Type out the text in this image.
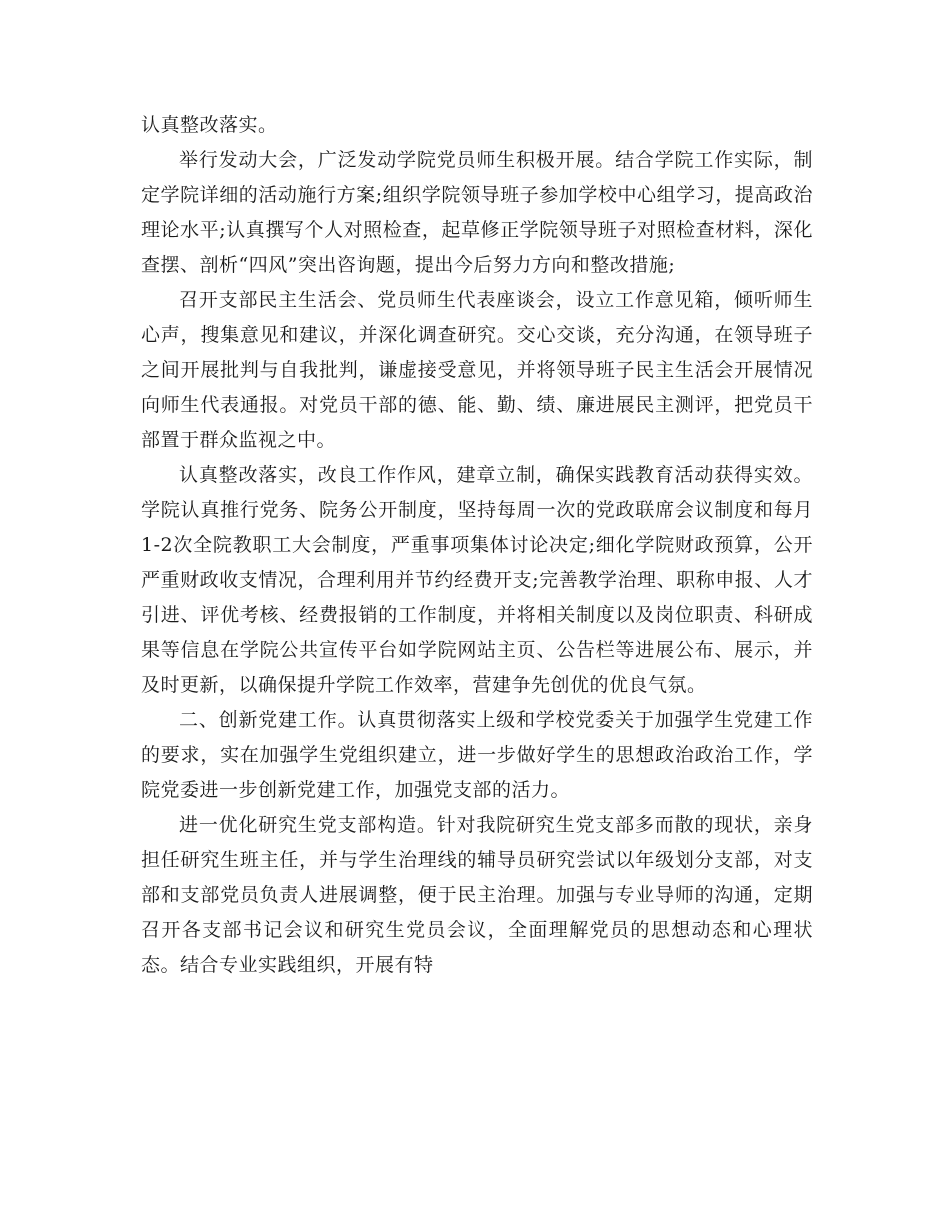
认真整改落实。

举行发动大会，广泛发动学院党员师生积极开展。结合学院工作实际，制定学院详细的活动施行方案;组织学院领导班子参加学校中心组学习，提高政治理论水平;认真撰写个人对照检查，起草修正学院领导班子对照检查材料，深化查摆、剖析“四风”突出咨询题，提出今后努力方向和整改措施;

召开支部民主生活会、党员师生代表座谈会，设立工作意见箱，倾听师生心声，搜集意见和建议，并深化调查研究。交心交谈，充分沟通，在领导班子之间开展批判与自我批判，谦虚接受意见，并将领导班子民主生活会开展情况向师生代表通报。对党员干部的德、能、勤、绩、廉进展民主测评，把党员干部置于群众监视之中。

认真整改落实，改良工作作风，建章立制，确保实践教育活动获得实效。学院认真推行党务、院务公开制度，坚持每周一次的党政联席会议制度和每月1-2次全院教职工大会制度，严重事项集体讨论决定;细化学院财政预算，公开严重财政收支情况，合理利用并节约经费开支;完善教学治理、职称申报、人才引进、评优考核、经费报销的工作制度，并将相关制度以及岗位职责、科研成果等信息在学院公共宣传平台如学院网站主页、公告栏等进展公布、展示，并及时更新，以确保提升学院工作效率，营建争先创优的优良气氛。

二、创新党建工作。认真贯彻落实上级和学校党委关于加强学生党建工作的要求，实在加强学生党组织建立，进一步做好学生的思想政治政治工作，学院党委进一步创新党建工作，加强党支部的活力。

进一优化研究生党支部构造。针对我院研究生党支部多而散的现状，亲身担任研究生班主任，并与学生治理线的辅导员研究尝试以年级划分支部，对支部和支部党员负责人进展调整，便于民主治理。加强与专业导师的沟通，定期召开各支部书记会议和研究生党员会议，全面理解党员的思想动态和心理状态。结合专业实践组织，开展有特
